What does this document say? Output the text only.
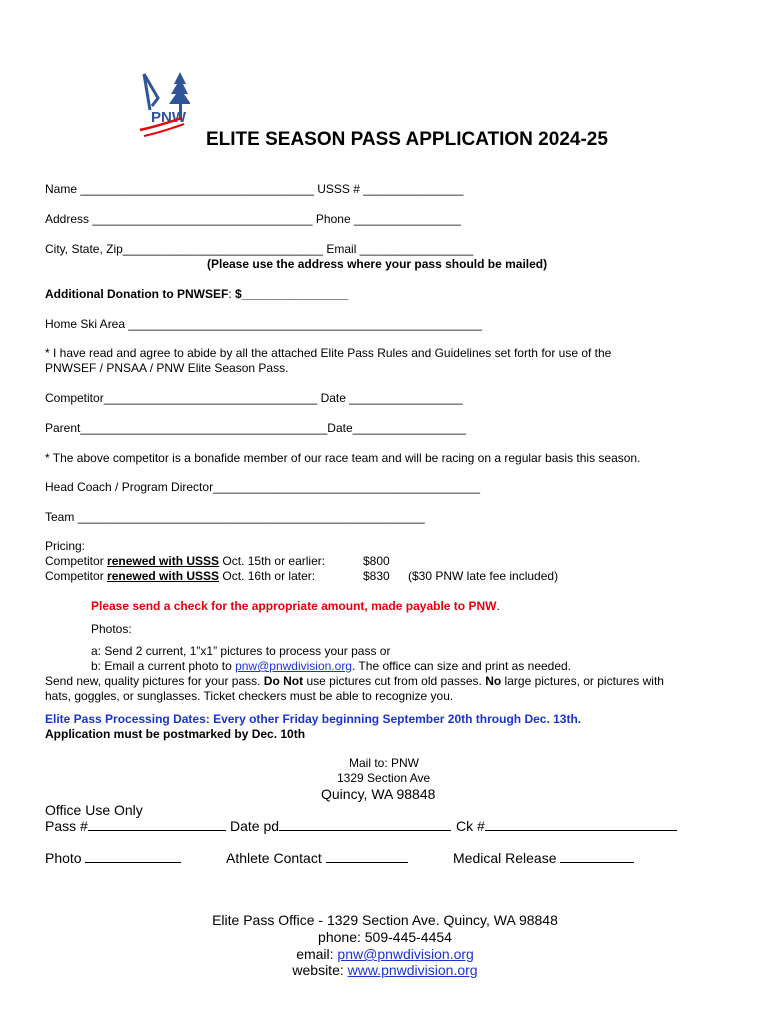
PNW
ELITE SEASON PASS APPLICATION 2024-25
Name ___________________________________ USSS # _______________
Address _________________________________ Phone ________________
City, State, Zip______________________________ Email _________________
(Please use the address where your pass should be mailed)
Additional Donation to PNWSEF: $________________
Home Ski Area _____________________________________________________
* I have read and agree to abide by all the attached Elite Pass Rules and Guidelines set forth for use of the
PNWSEF / PNSAA / PNW Elite Season Pass.
Competitor________________________________ Date _________________
Parent_____________________________________Date_________________
* The above competitor is a bonafide member of our race team and will be racing on a regular basis this season.
Head Coach / Program Director________________________________________
Team ____________________________________________________
Pricing:
Competitor renewed with USSS Oct. 15th or earlier:	$800
Competitor renewed with USSS Oct. 16th or later:	$830 ($30 PNW late fee included)
Please send a check for the appropriate amount, made payable to PNW.
Photos:
a: Send 2 current, 1”x1” pictures to process your pass or
b: Email a current photo to pnw@pnwdivision.org. The office can size and print as needed.
Send new, quality pictures for your pass. Do Not use pictures cut from old passes. No large pictures, or pictures with
hats, goggles, or sunglasses. Ticket checkers must be able to recognize you.
Elite Pass Processing Dates: Every other Friday beginning September 20th through Dec. 13th.
Application must be postmarked by Dec. 10th
Mail to: PNW
1329 Section Ave
Quincy, WA 98848
Office Use Only
Pass #	Date pd	Ck #
Photo	Athlete Contact	Medical Release
Elite Pass Office - 1329 Section Ave. Quincy, WA 98848
phone: 509-445-4454
email: pnw@pnwdivision.org
website: www.pnwdivision.org
